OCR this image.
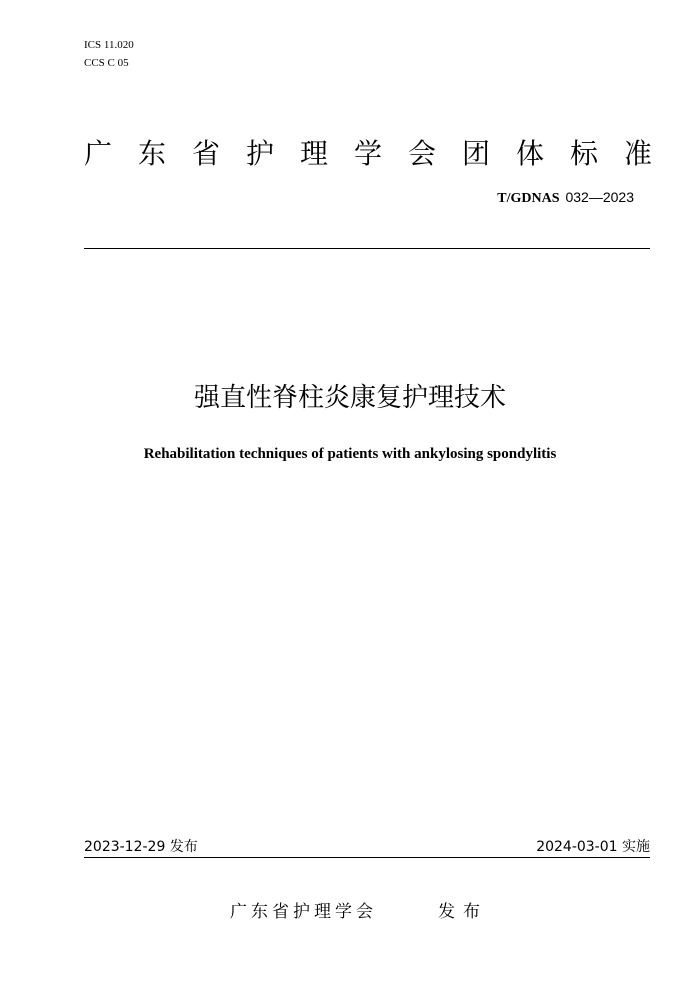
ICS 11.020
CCS C 05
广东省护理学会团体标准
T/GDNAS 032—2023
强直性脊柱炎康复护理技术
Rehabilitation techniques of patients with ankylosing spondylitis
2023-12-29 发布	2024-03-01 实施
广东省护理学会	发布
